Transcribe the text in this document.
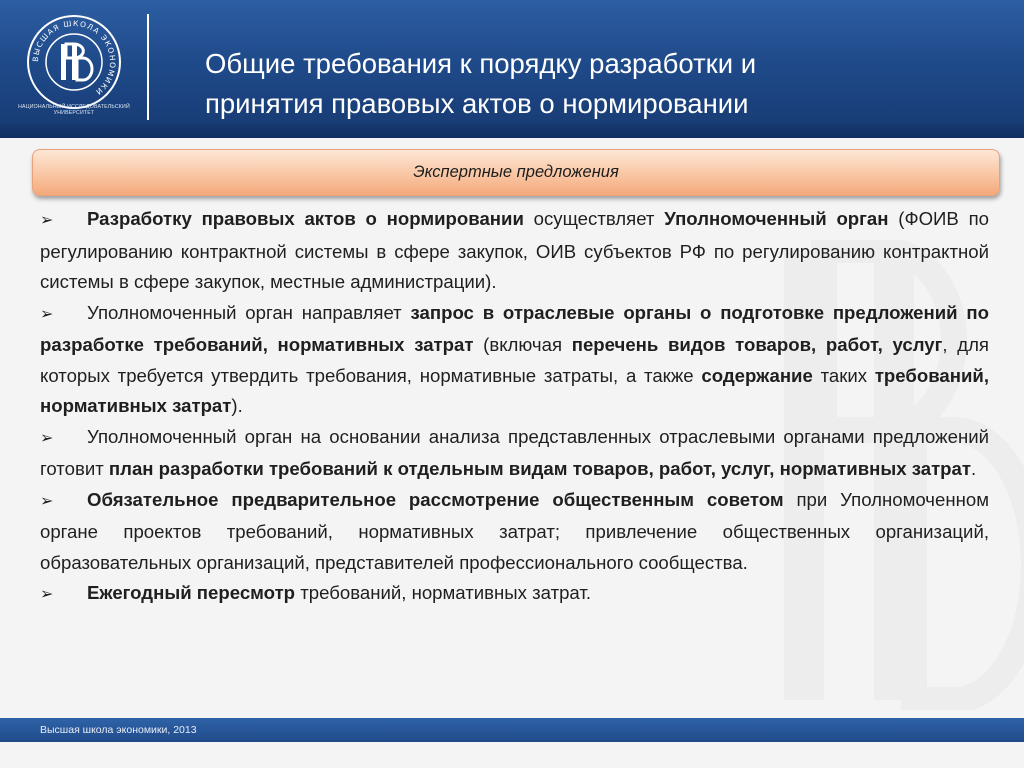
ВЫСШАЯ ШКОЛА ЭКОНОМИКИ
НАЦИОНАЛЬНЫЙ ИССЛЕДОВАТЕЛЬСКИЙ УНИВЕРСИТЕТ
Общие требования к порядку разработки и
принятия правовых актов о нормировании
Экспертные предложения

➢ Разработку правовых актов о нормировании осуществляет Уполномоченный орган (ФОИВ по регулированию контрактной системы в сфере закупок, ОИВ субъектов РФ по регулированию контрактной системы в сфере закупок, местные администрации).

➢ Уполномоченный орган направляет запрос в отраслевые органы о подготовке предложений по разработке требований, нормативных затрат (включая перечень видов товаров, работ, услуг, для которых требуется утвердить требования, нормативные затраты, а также содержание таких требований, нормативных затрат).

➢ Уполномоченный орган на основании анализа представленных отраслевыми органами предложений готовит план разработки требований к отдельным видам товаров, работ, услуг, нормативных затрат.

➢ Обязательное предварительное рассмотрение общественным советом при Уполномоченном органе проектов требований, нормативных затрат; привлечение общественных организаций, образовательных организаций, представителей профессионального сообщества.

➢ Ежегодный пересмотр требований, нормативных затрат.

Высшая школа экономики, 2013
